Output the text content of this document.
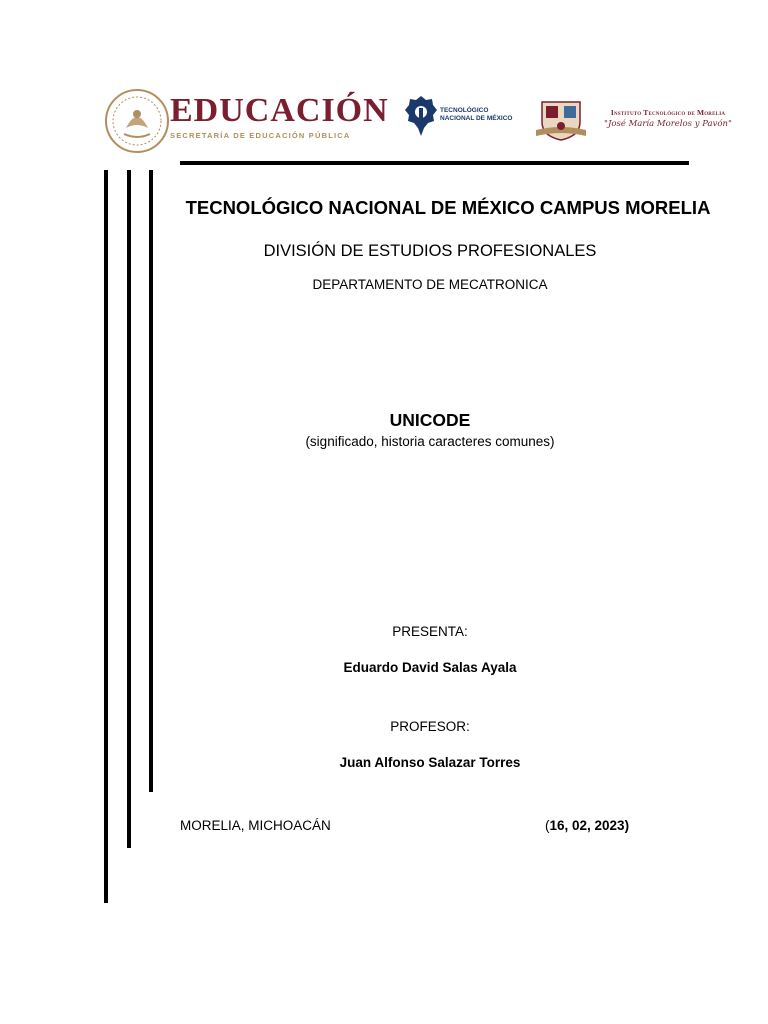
EDUCACIÓN
SECRETARÍA DE EDUCACIÓN PÚBLICA
TECNOLÓGICO
NACIONAL DE MÉXICO
Instituto Tecnológico de Morelia
"José María Morelos y Pavón"
TECNOLÓGICO NACIONAL DE MÉXICO CAMPUS MORELIA
DIVISIÓN DE ESTUDIOS PROFESIONALES
DEPARTAMENTO DE MECATRONICA
UNICODE
(significado, historia caracteres comunes)
PRESENTA:
Eduardo David Salas Ayala
PROFESOR:
Juan Alfonso Salazar Torres
MORELIA, MICHOACÁN	(16, 02, 2023)
